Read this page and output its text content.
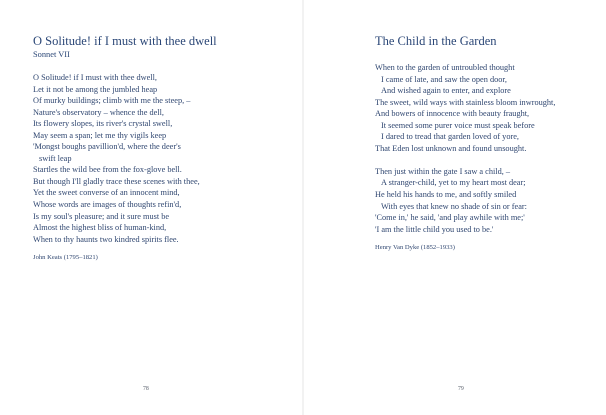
O Solitude! if I must with thee dwell
Sonnet VII
O Solitude! if I must with thee dwell,
Let it not be among the jumbled heap
Of murky buildings; climb with me the steep, –
Nature's observatory – whence the dell,
Its flowery slopes, its river's crystal swell,
May seem a span; let me thy vigils keep
'Mongst boughs pavillion'd, where the deer's
swift leap
Startles the wild bee from the fox-glove bell.
But though I'll gladly trace these scenes with thee,
Yet the sweet converse of an innocent mind,
Whose words are images of thoughts refin'd,
Is my soul's pleasure; and it sure must be
Almost the highest bliss of human-kind,
When to thy haunts two kindred spirits flee.
John Keats (1795–1821)
78
The Child in the Garden
When to the garden of untroubled thought
I came of late, and saw the open door,
And wished again to enter, and explore
The sweet, wild ways with stainless bloom inwrought,
And bowers of innocence with beauty fraught,
It seemed some purer voice must speak before
I dared to tread that garden loved of yore,
That Eden lost unknown and found unsought.
Then just within the gate I saw a child, –
A stranger-child, yet to my heart most dear;
He held his hands to me, and softly smiled
With eyes that knew no shade of sin or fear:
'Come in,' he said, 'and play awhile with me;'
'I am the little child you used to be.'
Henry Van Dyke (1852–1933)
79
